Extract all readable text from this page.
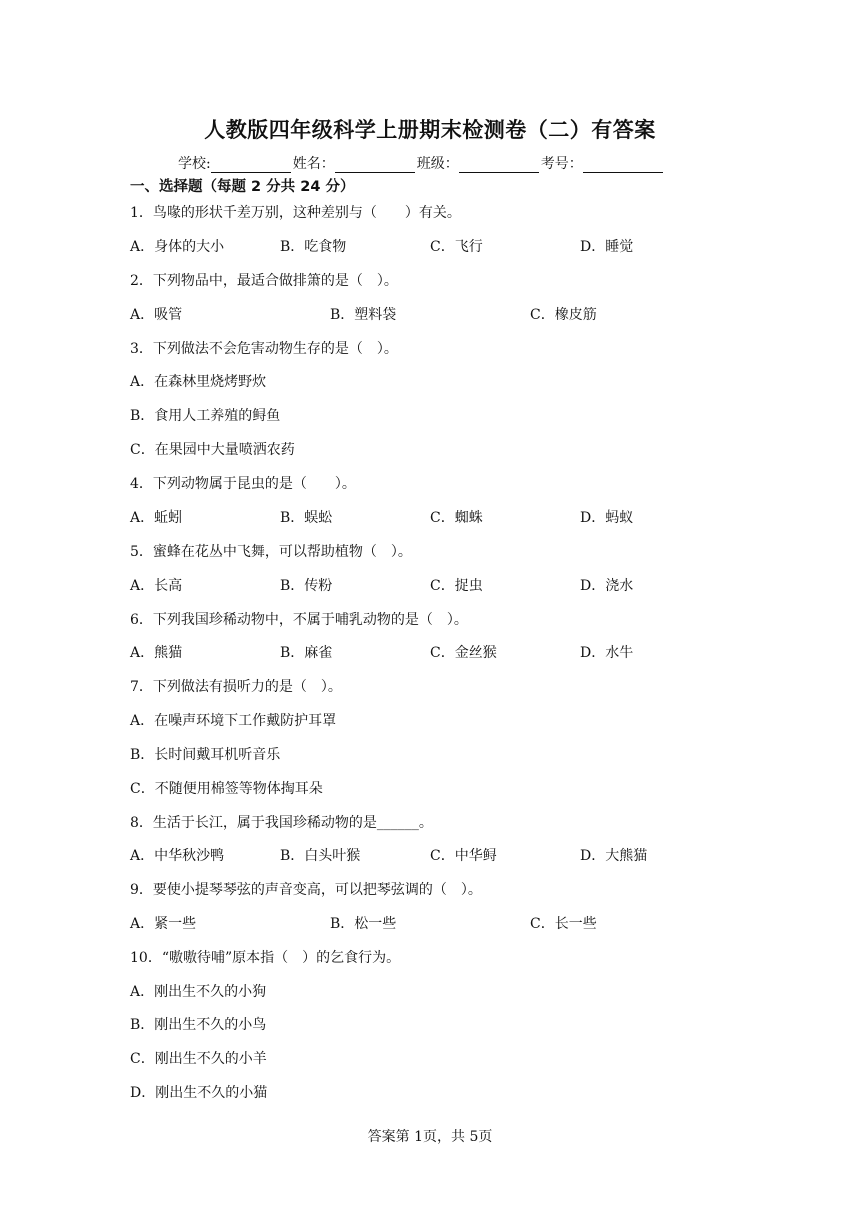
人教版四年级科学上册期末检测卷（二）有答案
学校:	姓名：	班级：	考号：
一、选择题（每题 2 分共 24 分）
1．鸟喙的形状千差万别，这种差别与（　　）有关。
A．身体的大小	B．吃食物	C．飞行	D．睡觉
2．下列物品中，最适合做排箫的是（　）。
A．吸管	B．塑料袋	C．橡皮筋
3．下列做法不会危害动物生存的是（　）。
A．在森林里烧烤野炊
B．食用人工养殖的鲟鱼
C．在果园中大量喷洒农药
4．下列动物属于昆虫的是（　　）。
A．蚯蚓	B．蜈蚣	C．蜘蛛	D．蚂蚁
5．蜜蜂在花丛中飞舞，可以帮助植物（　）。
A．长高	B．传粉	C．捉虫	D．浇水
6．下列我国珍稀动物中，不属于哺乳动物的是（　）。
A．熊猫	B．麻雀	C．金丝猴	D．水牛
7．下列做法有损听力的是（　）。
A．在噪声环境下工作戴防护耳罩
B．长时间戴耳机听音乐
C．不随便用棉签等物体掏耳朵
8．生活于长江，属于我国珍稀动物的是______。
A．中华秋沙鸭	B．白头叶猴	C．中华鲟	D．大熊猫
9．要使小提琴琴弦的声音变高，可以把琴弦调的（　）。
A．紧一些	B．松一些	C．长一些
10．“嗷嗷待哺”原本指（　）的乞食行为。
A．刚出生不久的小狗
B．刚出生不久的小鸟
C．刚出生不久的小羊
D．刚出生不久的小猫
答案第 1页，共 5页
